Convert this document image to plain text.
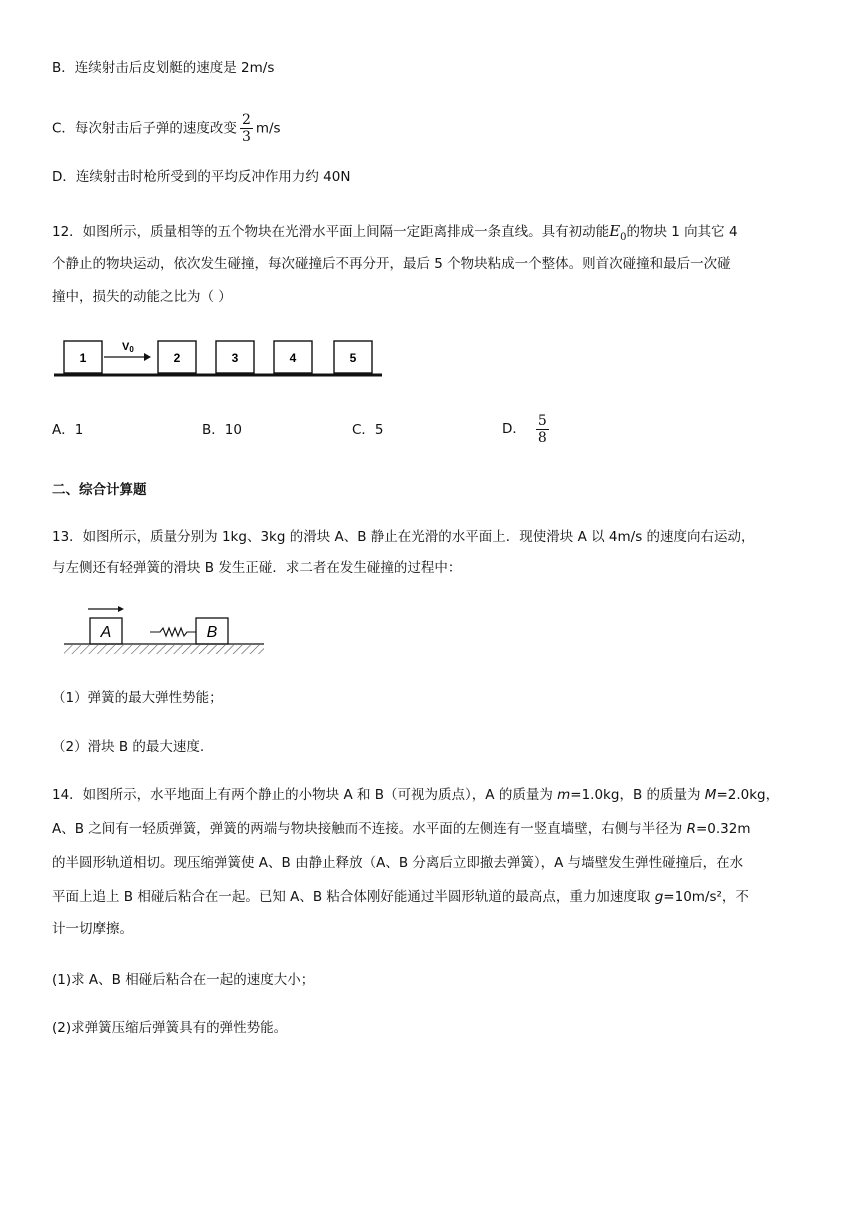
B．连续射击后皮划艇的速度是 2m/s
C．每次射击后子弹的速度改变 $\frac{2}{3} m/s$
D．连续射击时枪所受到的平均反冲作用力约 40N
12．如图所示，质量相等的五个物块在光滑水平面上间隔一定距离排成一条直线。具有初动能$E_0$的物块 1 向其它 4
个静止的物块运动，依次发生碰撞，每次碰撞后不再分开，最后 5 个物块粘成一个整体。则首次碰撞和最后一次碰
撞中，损失的动能之比为（ ）
1
V0
2	3	4	5
A．1	B．10	C．5	D． $\frac{5}{8}$
二、综合计算题
13．如图所示，质量分别为 1kg、3kg 的滑块 A、B 静止在光滑的水平面上．现使滑块 A 以 4m/s 的速度向右运动，
与左侧还有轻弹簧的滑块 B 发生正碰．求二者在发生碰撞的过程中：
A	B
（1）弹簧的最大弹性势能；
（2）滑块 B 的最大速度.
14．如图所示，水平地面上有两个静止的小物块 A 和 B（可视为质点），A 的质量为 m=1.0kg，B 的质量为 M=2.0kg，
A、B 之间有一轻质弹簧，弹簧的两端与物块接触而不连接。水平面的左侧连有一竖直墙壁，右侧与半径为 R=0.32m
的半圆形轨道相切。现压缩弹簧使 A、B 由静止释放（A、B 分离后立即撤去弹簧），A 与墙壁发生弹性碰撞后，在水
平面上追上 B 相碰后粘合在一起。已知 A、B 粘合体刚好能通过半圆形轨道的最高点，重力加速度取 g=10m/s²，不
计一切摩擦。
(1)求 A、B 相碰后粘合在一起的速度大小；
(2)求弹簧压缩后弹簧具有的弹性势能。
